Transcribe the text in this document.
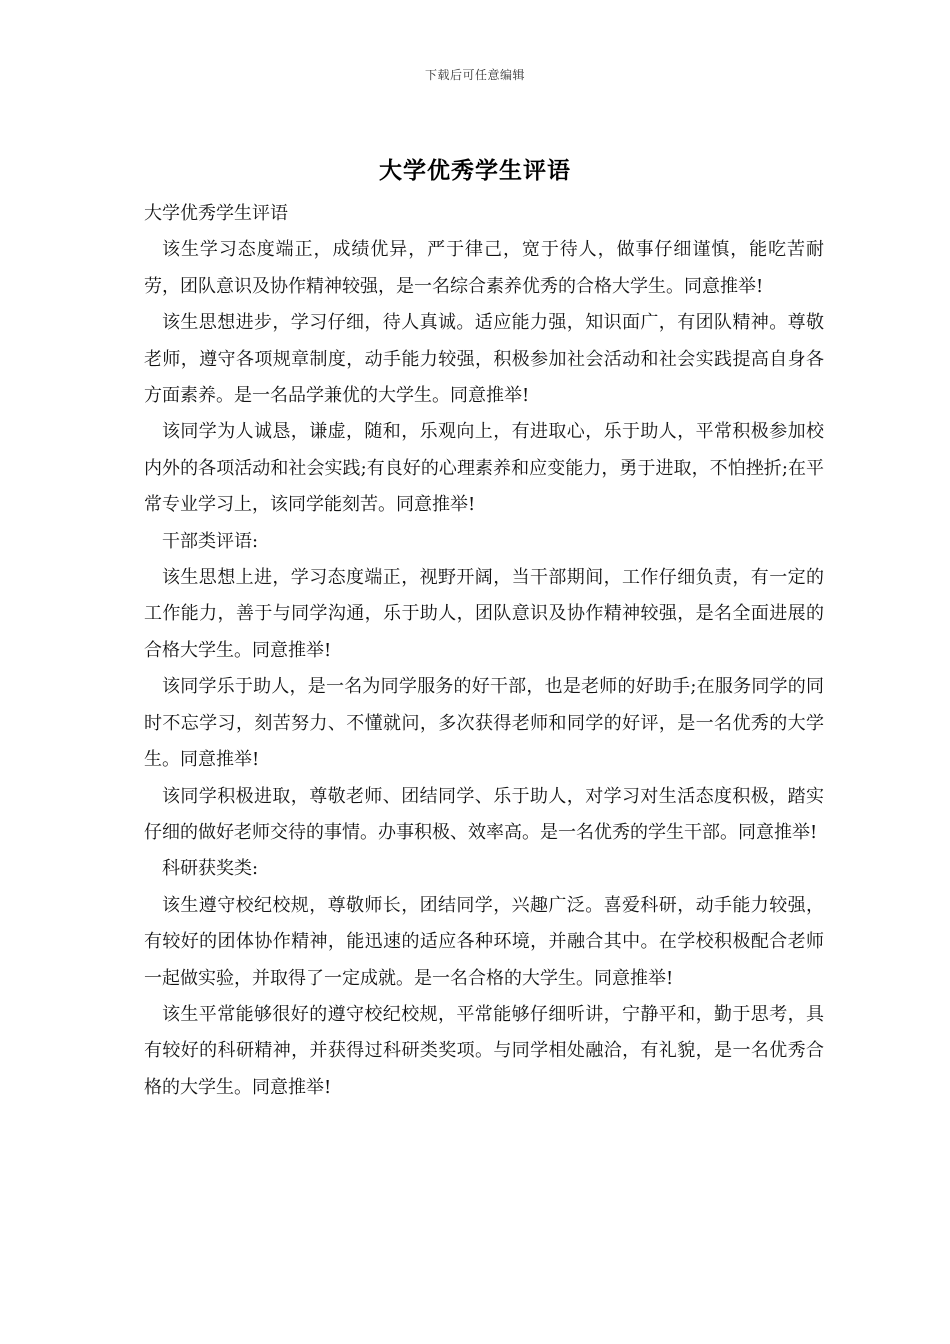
下载后可任意编辑
大学优秀学生评语

大学优秀学生评语

该生学习态度端正，成绩优异，严于律己，宽于待人，做事仔细谨慎，能吃苦耐劳，团队意识及协作精神较强，是一名综合素养优秀的合格大学生。同意推举!

该生思想进步，学习仔细，待人真诚。适应能力强，知识面广，有团队精神。尊敬老师，遵守各项规章制度，动手能力较强，积极参加社会活动和社会实践提高自身各方面素养。是一名品学兼优的大学生。同意推举!

该同学为人诚恳，谦虚，随和，乐观向上，有进取心，乐于助人，平常积极参加校内外的各项活动和社会实践;有良好的心理素养和应变能力，勇于进取，不怕挫折;在平常专业学习上，该同学能刻苦。同意推举!

干部类评语:

该生思想上进，学习态度端正，视野开阔，当干部期间，工作仔细负责，有一定的工作能力，善于与同学沟通，乐于助人，团队意识及协作精神较强，是名全面进展的合格大学生。同意推举!

该同学乐于助人，是一名为同学服务的好干部，也是老师的好助手;在服务同学的同时不忘学习，刻苦努力、不懂就问，多次获得老师和同学的好评，是一名优秀的大学生。同意推举!

该同学积极进取，尊敬老师、团结同学、乐于助人，对学习对生活态度积极，踏实仔细的做好老师交待的事情。办事积极、效率高。是一名优秀的学生干部。同意推举!

科研获奖类:

该生遵守校纪校规，尊敬师长，团结同学，兴趣广泛。喜爱科研，动手能力较强，有较好的团体协作精神，能迅速的适应各种环境，并融合其中。在学校积极配合老师一起做实验，并取得了一定成就。是一名合格的大学生。同意推举!

该生平常能够很好的遵守校纪校规，平常能够仔细听讲，宁静平和，勤于思考，具有较好的科研精神，并获得过科研类奖项。与同学相处融洽，有礼貌，是一名优秀合格的大学生。同意推举!
